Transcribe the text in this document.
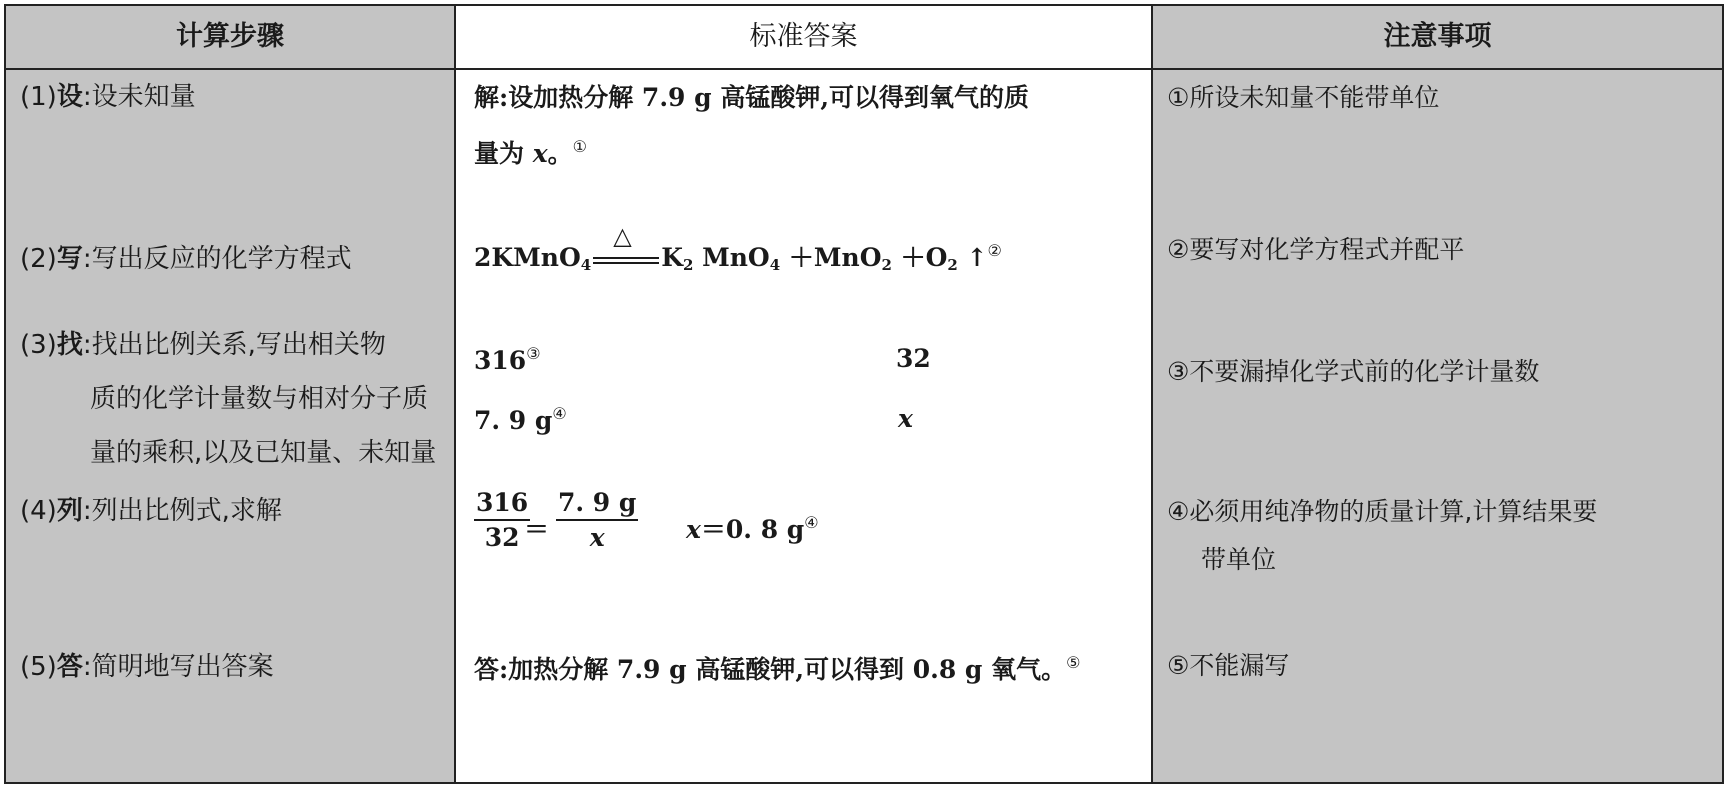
计算步骤
(1)设:设未知量
(2)写:写出反应的化学方程式
(3)找:找出比例关系,写出相关物
质的化学计量数与相对分子质
量的乘积,以及已知量、未知量
(4)列:列出比例式,求解
(5)答:简明地写出答案
标准答案
解:设加热分解 7.9 g 高锰酸钾,可以得到氧气的质
量为 x。①
2KMnO$_4$
△
$K_2$ $MnO_4 +MnO_2 +O_2$ ↑②
316③	32
7. 9 g④	x
$\frac{316}{32}$
＝ $\frac{7. 9 g}{x} x=0$. 8 g④
答:加热分解 7.9 g 高锰酸钾,可以得到 0.8 g 氧气。⑤
注意事项
①所设未知量不能带单位
②要写对化学方程式并配平
③不要漏掉化学式前的化学计量数
④必须用纯净物的质量计算,计算结果要
带单位
⑤不能漏写
